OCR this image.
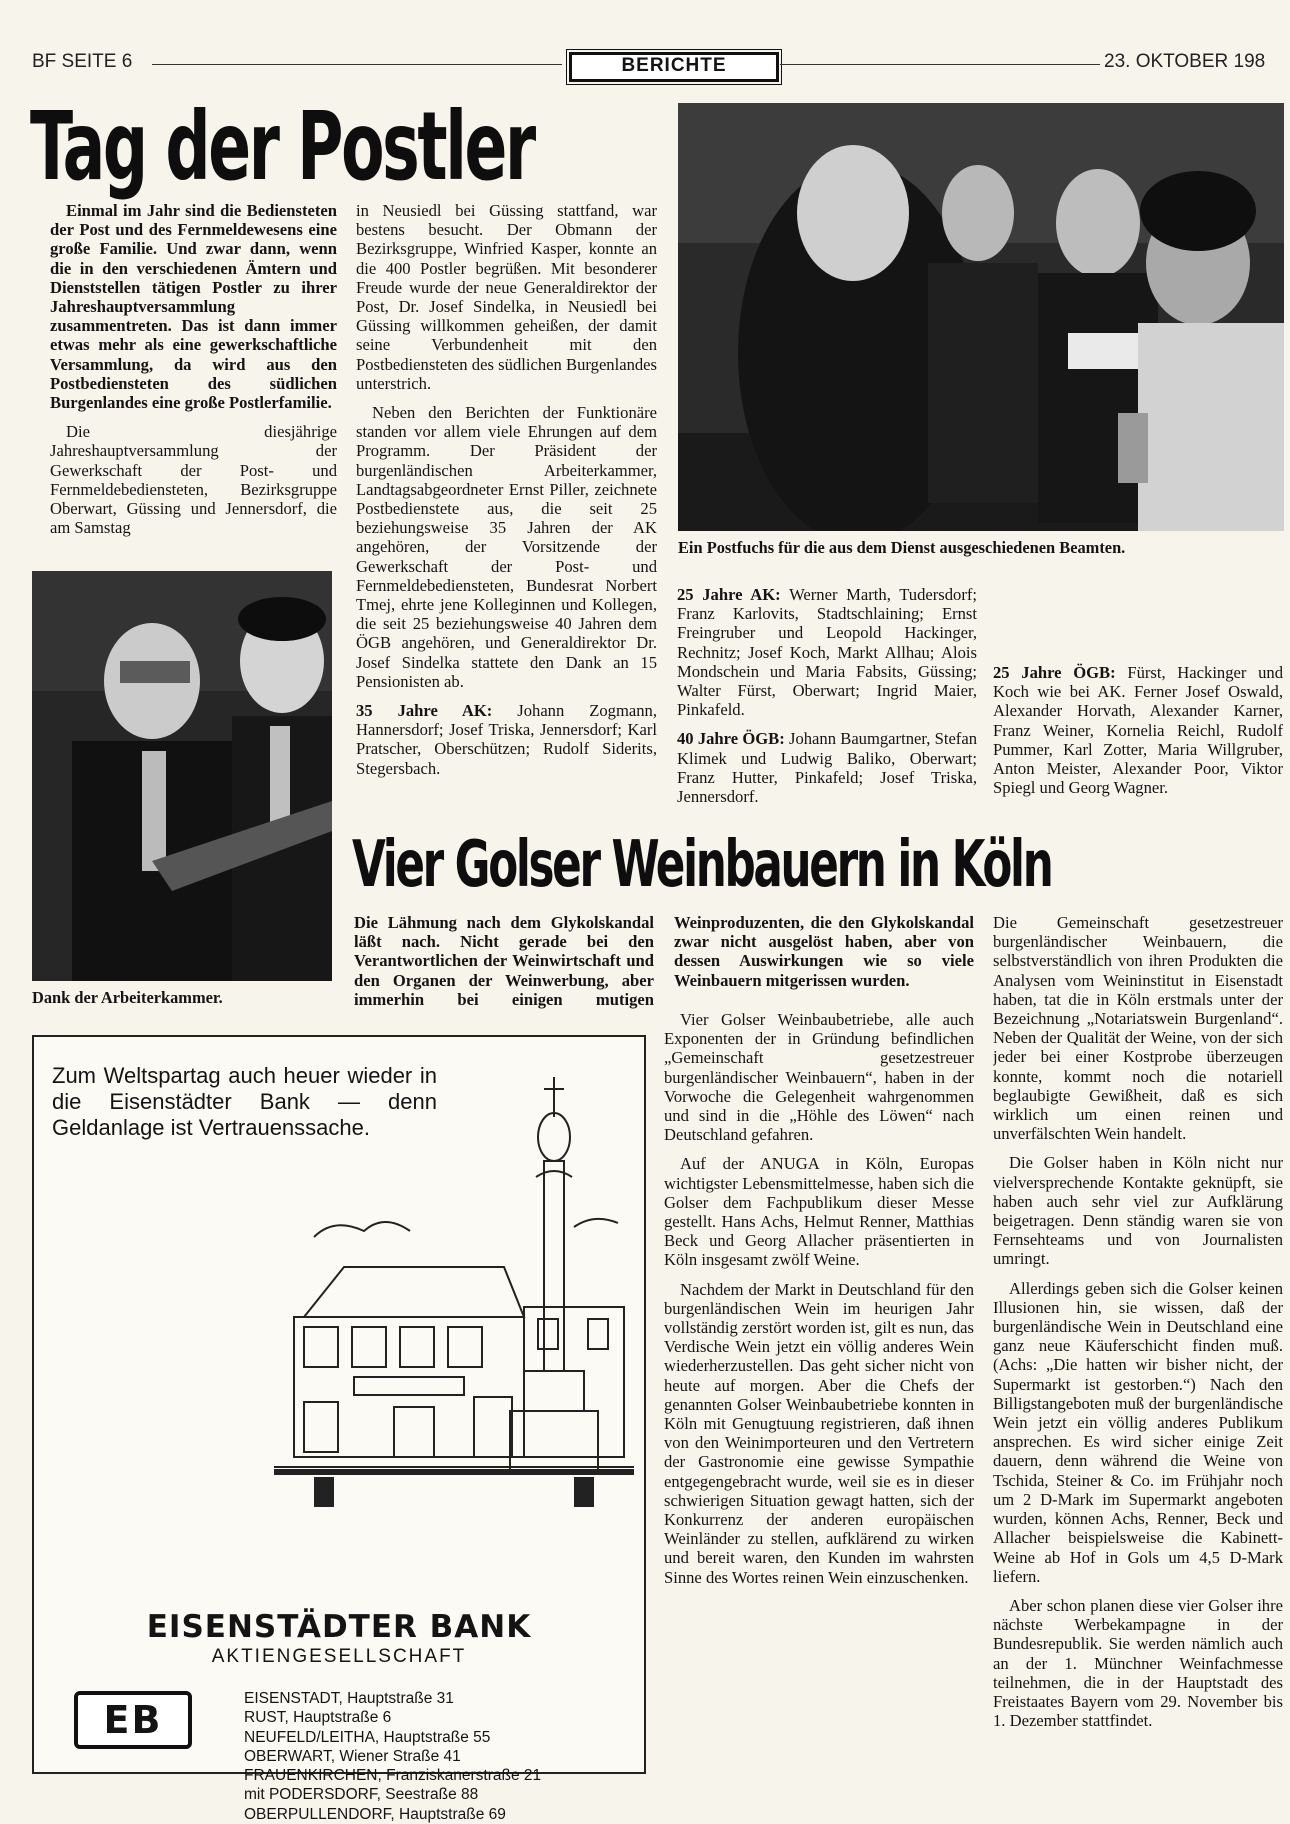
BF SEITE 6	BERICHTE	23. OKTOBER 198
Tag der Postler

Einmal im Jahr sind die Bediensteten der Post und des Fernmeldewesens eine große Familie. Und zwar dann, wenn die in den verschiedenen Ämtern und Dienststellen tätigen Postler zu ihrer Jahreshauptversammlung zusammentreten. Das ist dann immer etwas mehr als eine gewerkschaftliche Versammlung, da wird aus den Postbediensteten des südlichen Burgenlandes eine große Postlerfamilie.

Die diesjährige Jahreshauptversammlung der Gewerkschaft der Post- und Fernmeldebediensteten, Bezirksgruppe Oberwart, Güssing und Jennersdorf, die am Samstag

in Neusiedl bei Güssing stattfand, war bestens besucht. Der Obmann der Bezirksgruppe, Winfried Kasper, konnte an die 400 Postler begrüßen. Mit besonderer Freude wurde der neue Generaldirektor der Post, Dr. Josef Sindelka, in Neusiedl bei Güssing willkommen geheißen, der damit seine Verbundenheit mit den Postbediensteten des südlichen Burgenlandes unterstrich.

Neben den Berichten der Funktionäre standen vor allem viele Ehrungen auf dem Programm. Der Präsident der burgenländischen Arbeiterkammer, Landtagsabgeordneter Ernst Piller, zeichnete Postbedienstete aus, die seit 25 beziehungsweise 35 Jahren der AK angehören, der Vorsitzende der Gewerkschaft der Post- und Fernmeldebediensteten, Bundesrat Norbert Tmej, ehrte jene Kolleginnen und Kollegen, die seit 25 beziehungsweise 40 Jahren dem ÖGB angehören, und Generaldirektor Dr. Josef Sindelka stattete den Dank an 15 Pensionisten ab.

35 Jahre AK: Johann Zogmann, Hannersdorf; Josef Triska, Jennersdorf; Karl Pratscher, Oberschützen; Rudolf Siderits, Stegersbach.

Ein Postfuchs für die aus dem Dienst ausgeschiedenen Beamten.
Dank der Arbeiterkammer.

25 Jahre AK: Werner Marth, Tudersdorf; Franz Karlovits, Stadtschlaining; Ernst Freingruber und Leopold Hackinger, Rechnitz; Josef Koch, Markt Allhau; Alois Mondschein und Maria Fabsits, Güssing; Walter Fürst, Oberwart; Ingrid Maier, Pinkafeld.

40 Jahre ÖGB: Johann Baumgartner, Stefan Klimek und Ludwig Baliko, Oberwart; Franz Hutter, Pinkafeld; Josef Triska, Jennersdorf.

25 Jahre ÖGB: Fürst, Hackinger und Koch wie bei AK. Ferner Josef Oswald, Alexander Horvath, Alexander Karner, Franz Weiner, Kornelia Reichl, Rudolf Pummer, Karl Zotter, Maria Willgruber, Anton Meister, Alexander Poor, Viktor Spiegl und Georg Wagner.

Vier Golser Weinbauern in Köln

Die Lähmung nach dem Glykolskandal läßt nach. Nicht gerade bei den Verantwortlichen der Weinwirtschaft und den Organen der Weinwerbung, aber immerhin bei einigen mutigen Weinproduzenten, die den Glykolskandal zwar nicht ausgelöst haben, aber von dessen Auswirkungen wie so viele Weinbauern mitgerissen wurden.

Vier Golser Weinbaubetriebe, alle auch Exponenten der in Gründung befindlichen „Gemeinschaft gesetzestreuer burgenländischer Weinbauern“, haben in der Vorwoche die Gelegenheit wahrgenommen und sind in die „Höhle des Löwen“ nach Deutschland gefahren.

Auf der ANUGA in Köln, Europas wichtigster Lebensmittelmesse, haben sich die Golser dem Fachpublikum dieser Messe gestellt. Hans Achs, Helmut Renner, Matthias Beck und Georg Allacher präsentierten in Köln insgesamt zwölf Weine.

Nachdem der Markt in Deutschland für den burgenländischen Wein im heurigen Jahr vollständig zerstört worden ist, gilt es nun, das Verdische Wein jetzt ein völlig anderes Wein wiederherzustellen. Das geht sicher nicht von heute auf morgen. Aber die Chefs der genannten Golser Weinbaubetriebe konnten in Köln mit Genugtuung registrieren, daß ihnen von den Weinimporteuren und den Vertretern der Gastronomie eine gewisse Sympathie entgegengebracht wurde, weil sie es in dieser schwierigen Situation gewagt hatten, sich der Konkurrenz der anderen europäischen Weinländer zu stellen, aufklärend zu wirken und bereit waren, den Kunden im wahrsten Sinne des Wortes reinen Wein einzuschenken.

Die Gemeinschaft gesetzestreuer burgenländischer Weinbauern, die selbstverständlich von ihren Produkten die Analysen vom Weininstitut in Eisenstadt haben, tat die in Köln erstmals unter der Bezeichnung „Notariatswein Burgenland“. Neben der Qualität der Weine, von der sich jeder bei einer Kostprobe überzeugen konnte, kommt noch die notariell beglaubigte Gewißheit, daß es sich wirklich um einen reinen und unverfälschten Wein handelt.

Die Golser haben in Köln nicht nur vielversprechende Kontakte geknüpft, sie haben auch sehr viel zur Aufklärung beigetragen. Denn ständig waren sie von Fernsehteams und von Journalisten umringt.

Allerdings geben sich die Golser keinen Illusionen hin, sie wissen, daß der burgenländische Wein in Deutschland eine ganz neue Käuferschicht finden muß. (Achs: „Die hatten wir bisher nicht, der Supermarkt ist gestorben.“) Nach den Billigstangeboten muß der burgenländische Wein jetzt ein völlig anderes Publikum ansprechen. Es wird sicher einige Zeit dauern, denn während die Weine von Tschida, Steiner & Co. im Frühjahr noch um 2 D-Mark im Supermarkt angeboten wurden, können Achs, Renner, Beck und Allacher beispielsweise die Kabinett-Weine ab Hof in Gols um 4,5 D-Mark liefern.

Aber schon planen diese vier Golser ihre nächste Werbekampagne in der Bundesrepublik. Sie werden nämlich auch an der 1. Münchner Weinfachmesse teilnehmen, die in der Hauptstadt des Freistaates Bayern vom 29. November bis 1. Dezember stattfindet.

Zum Weltspartag auch heuer wieder in die Eisenstädter Bank — denn Geldanlage ist Vertrauenssache.
EISENSTÄDTER BANK
AKTIENGESELLSCHAFT
EB	EISENSTADT, Hauptstraße 31
RUST, Hauptstraße 6
NEUFELD/LEITHA, Hauptstraße 55
OBERWART, Wiener Straße 41
FRAUENKIRCHEN, Franziskanerstraße 21
mit PODERSDORF, Seestraße 88
OBERPULLENDORF, Hauptstraße 69
